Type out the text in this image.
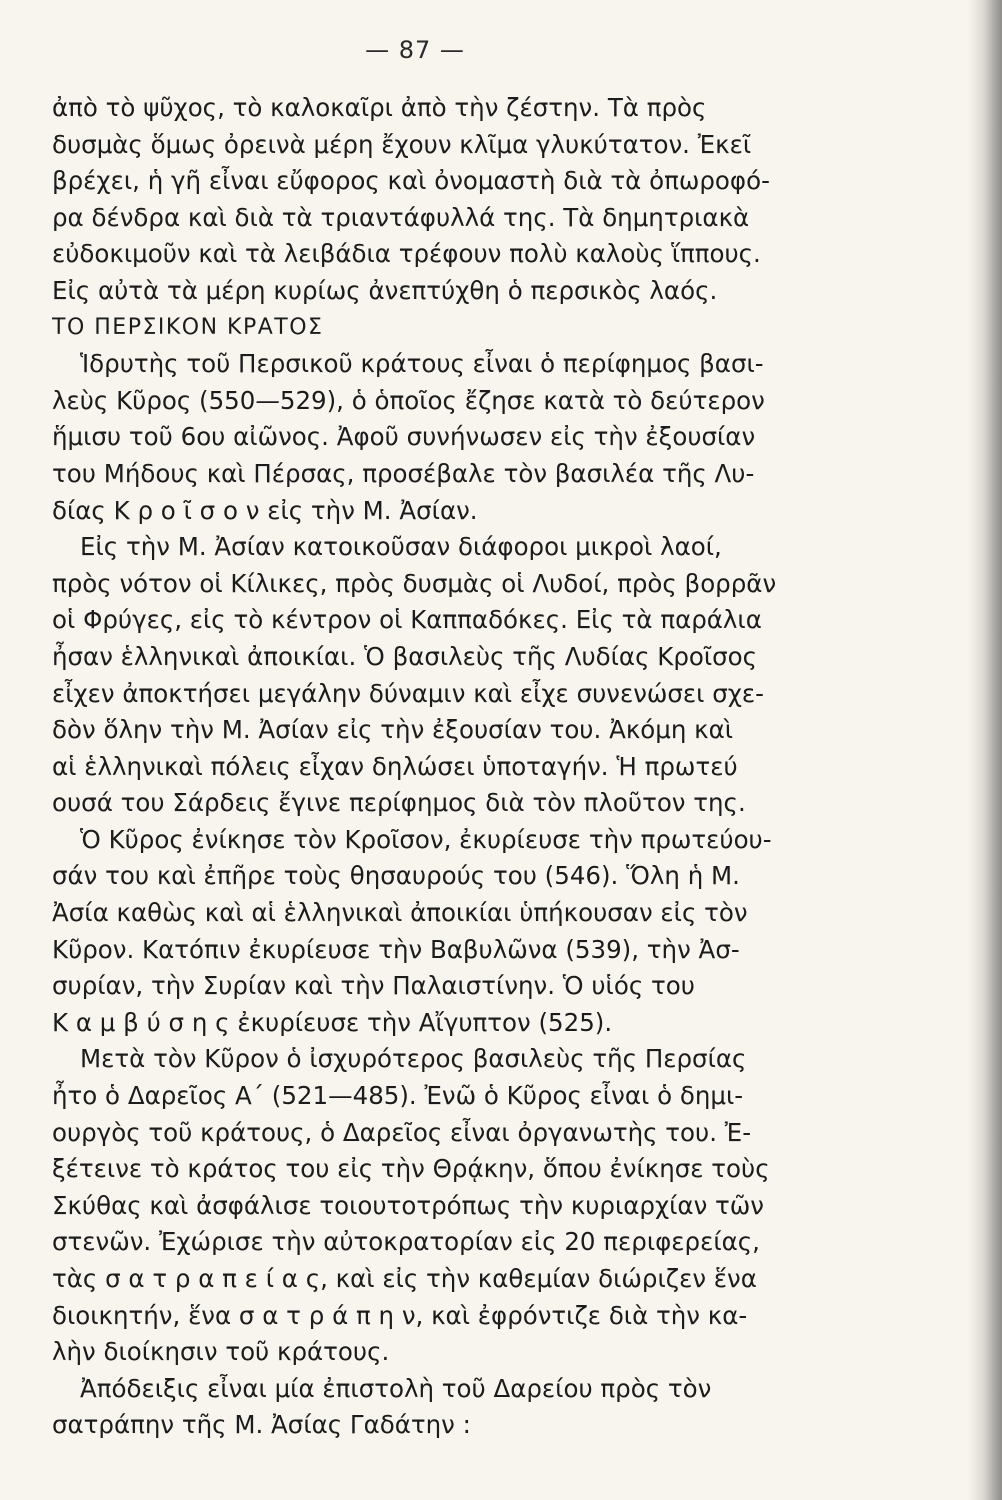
— 87 —
ἀπὸ τὸ ψῦχος, τὸ καλοκαῖρι ἀπὸ τὴν ζέστην. Τὰ πρὸς
δυσμὰς ὅμως ὀρεινὰ μέρη ἔχουν κλῖμα γλυκύτατον. Ἐκεῖ
βρέχει, ἡ γῆ εἶναι εὔφορος καὶ ὀνομαστὴ διὰ τὰ ὀπωροφό-
ρα δένδρα καὶ διὰ τὰ τριαντάφυλλά της. Τὰ δημητριακὰ
εὐδοκιμοῦν καὶ τὰ λειβάδια τρέφουν πολὺ καλοὺς ἵππους.
Εἰς αὐτὰ τὰ μέρη κυρίως ἀνεπτύχθη ὁ περσικὸς λαός.
ΤΟ ΠΕΡΣΙΚΟΝ ΚΡΑΤΟΣ
Ἱδρυτὴς τοῦ Περσικοῦ κράτους εἶναι ὁ περίφημος βασι-
λεὺς Κῦρος (550—529), ὁ ὁποῖος ἔζησε κατὰ τὸ δεύτερον
ἥμισυ τοῦ 6ου αἰῶνος. Ἀφοῦ συνήνωσεν εἰς τὴν ἐξουσίαν
του Μήδους καὶ Πέρσας, προσέβαλε τὸν βασιλέα τῆς Λυ-
δίας Κ ρ ο ῖ σ ο ν εἰς τὴν Μ. Ἀσίαν.
Εἰς τὴν Μ. Ἀσίαν κατοικοῦσαν διάφοροι μικροὶ λαοί,
πρὸς νότον οἱ Κίλικες, πρὸς δυσμὰς οἱ Λυδοί, πρὸς βορρᾶν
οἱ Φρύγες, εἰς τὸ κέντρον οἱ Καππαδόκες. Εἰς τὰ παράλια
ἦσαν ἑλληνικαὶ ἀποικίαι. Ὁ βασιλεὺς τῆς Λυδίας Κροῖσος
εἶχεν ἀποκτήσει μεγάλην δύναμιν καὶ εἶχε συνενώσει σχε-
δὸν ὅλην τὴν Μ. Ἀσίαν εἰς τὴν ἐξουσίαν του. Ἀκόμη καὶ
αἱ ἑλληνικαὶ πόλεις εἶχαν δηλώσει ὑποταγήν. Ἡ πρωτεύ
ουσά του Σάρδεις ἔγινε περίφημος διὰ τὸν πλοῦτον της.
Ὁ Κῦρος ἐνίκησε τὸν Κροῖσον, ἐκυρίευσε τὴν πρωτεύου-
σάν του καὶ ἐπῆρε τοὺς θησαυρούς του (546). Ὅλη ἡ Μ.
Ἀσία καθὼς καὶ αἱ ἑλληνικαὶ ἀποικίαι ὑπήκουσαν εἰς τὸν
Κῦρον. Κατόπιν ἐκυρίευσε τὴν Βαβυλῶνα (539), τὴν Ἀσ-
συρίαν, τὴν Συρίαν καὶ τὴν Παλαιστίνην. Ὁ υἱός του
Κ α μ β ύ σ η ς ἐκυρίευσε τὴν Αἴγυπτον (525).
Μετὰ τὸν Κῦρον ὁ ἰσχυρότερος βασιλεὺς τῆς Περσίας
ἦτο ὁ Δαρεῖος Α΄ (521—485). Ἐνῶ ὁ Κῦρος εἶναι ὁ δημι-
ουργὸς τοῦ κράτους, ὁ Δαρεῖος εἶναι ὀργανωτὴς του. Ἐ-
ξέτεινε τὸ κράτος του εἰς τὴν Θρᾴκην, ὅπου ἐνίκησε τοὺς
Σκύθας καὶ ἀσφάλισε τοιουτοτρόπως τὴν κυριαρχίαν τῶν
στενῶν. Ἐχώρισε τὴν αὐτοκρατορίαν εἰς 20 περιφερείας,
τὰς σ α τ ρ α π ε ί α ς, καὶ εἰς τὴν καθεμίαν διώριζεν ἕνα
διοικητήν, ἕνα σ α τ ρ ά π η ν, καὶ ἐφρόντιζε διὰ τὴν κα-
λὴν διοίκησιν τοῦ κράτους.
Ἀπόδειξις εἶναι μία ἐπιστολὴ τοῦ Δαρείου πρὸς τὸν
σατράπην τῆς Μ. Ἀσίας Γαδάτην :
